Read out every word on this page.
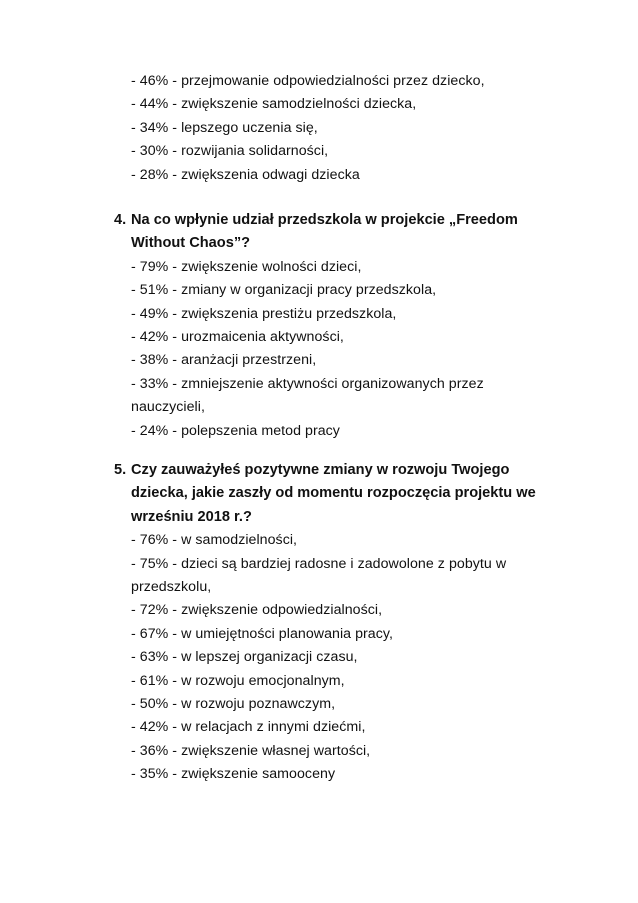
- 46% - przejmowanie odpowiedzialności przez dziecko,
- 44% - zwiększenie samodzielności dziecka,
- 34% - lepszego uczenia się,
- 30% - rozwijania solidarności,
- 28% - zwiększenia odwagi dziecka
4. Na co wpłynie udział przedszkola w projekcie „Freedom
Without Chaos”?
- 79% - zwiększenie wolności dzieci,
- 51% - zmiany w organizacji pracy przedszkola,
- 49% - zwiększenia prestiżu przedszkola,
- 42% - urozmaicenia aktywności,
- 38% - aranżacji przestrzeni,
- 33% - zmniejszenie aktywności organizowanych przez
nauczycieli,
- 24% - polepszenia metod pracy
5. Czy zauważyłeś pozytywne zmiany w rozwoju Twojego
dziecka, jakie zaszły od momentu rozpoczęcia projektu we
wrześniu 2018 r.?
- 76% - w samodzielności,
- 75% - dzieci są bardziej radosne i zadowolone z pobytu w
przedszkolu,
- 72% - zwiększenie odpowiedzialności,
- 67% - w umiejętności planowania pracy,
- 63% - w lepszej organizacji czasu,
- 61% - w rozwoju emocjonalnym,
- 50% - w rozwoju poznawczym,
- 42% - w relacjach z innymi dziećmi,
- 36% - zwiększenie własnej wartości,
- 35% - zwiększenie samooceny
